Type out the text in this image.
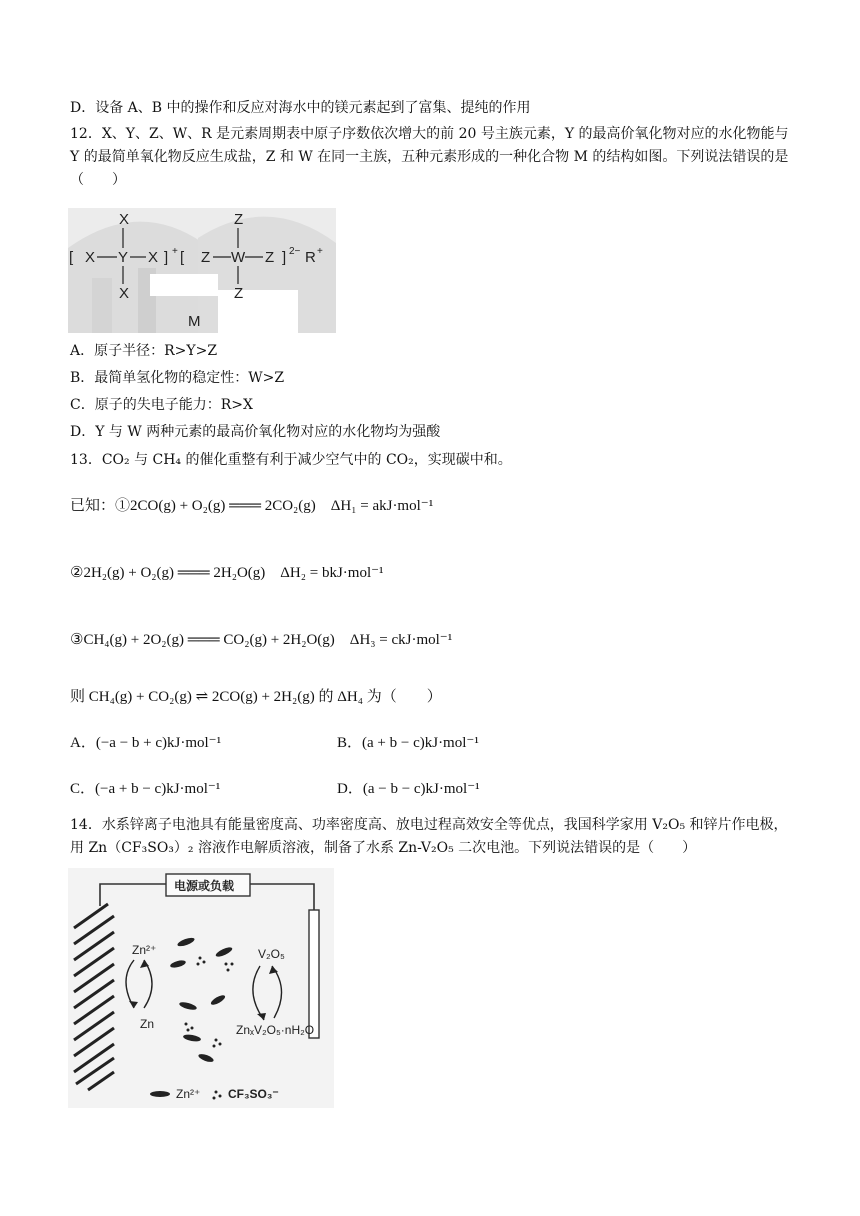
D．设备 A、B 中的操作和反应对海水中的镁元素起到了富集、提纯的作用
12．X、Y、Z、W、R 是元素周期表中原子序数依次增大的前 20 号主族元素，Y 的最高价氧化物对应的水化物能与 Y 的最简单氧化物反应生成盐，Z 和 W 在同一主族，五种元素形成的一种化合物 M 的结构如图。下列说法错误的是（　　）
[
X
X Y X
X
] + [
Z
Z W Z
Z
] 2− R +
M
A．原子半径：R>Y>Z
B．最简单氢化物的稳定性：W>Z
C．原子的失电子能力：R>X
D．Y 与 W 两种元素的最高价氧化物对应的水化物均为强酸
13．CO₂ 与 CH₄ 的催化重整有利于减少空气中的 CO₂，实现碳中和。
已知：①2CO(g) + O₂(g) ═══ 2CO₂(g)　ΔH₁ = akJ·mol⁻¹
②2H₂(g) + O₂(g) ═══ 2H₂O(g)　ΔH₂ = bkJ·mol⁻¹
③CH₄(g) + 2O₂(g) ═══ CO₂(g) + 2H₂O(g)　ΔH₃ = ckJ·mol⁻¹
则 CH₄(g) + CO₂(g) ⇌ 2CO(g) + 2H₂(g) 的 ΔH₄ 为（　　）
A．(−a − b + c)kJ·mol⁻¹	B．(a + b − c)kJ·mol⁻¹
C．(−a + b − c)kJ·mol⁻¹	D．(a − b − c)kJ·mol⁻¹
14．水系锌离子电池具有能量密度高、功率密度高、放电过程高效安全等优点，我国科学家用 V₂O₅ 和锌片作电极，用 Zn（CF₃SO₃）₂ 溶液作电解质溶液，制备了水系 Zn-V₂O₅ 二次电池。下列说法错误的是（　　）
电源或负载
Zn²⁺
Zn
V₂O₅
ZnₓV₂O₅·nH₂O
Zn²⁺ CF₃SO₃⁻
